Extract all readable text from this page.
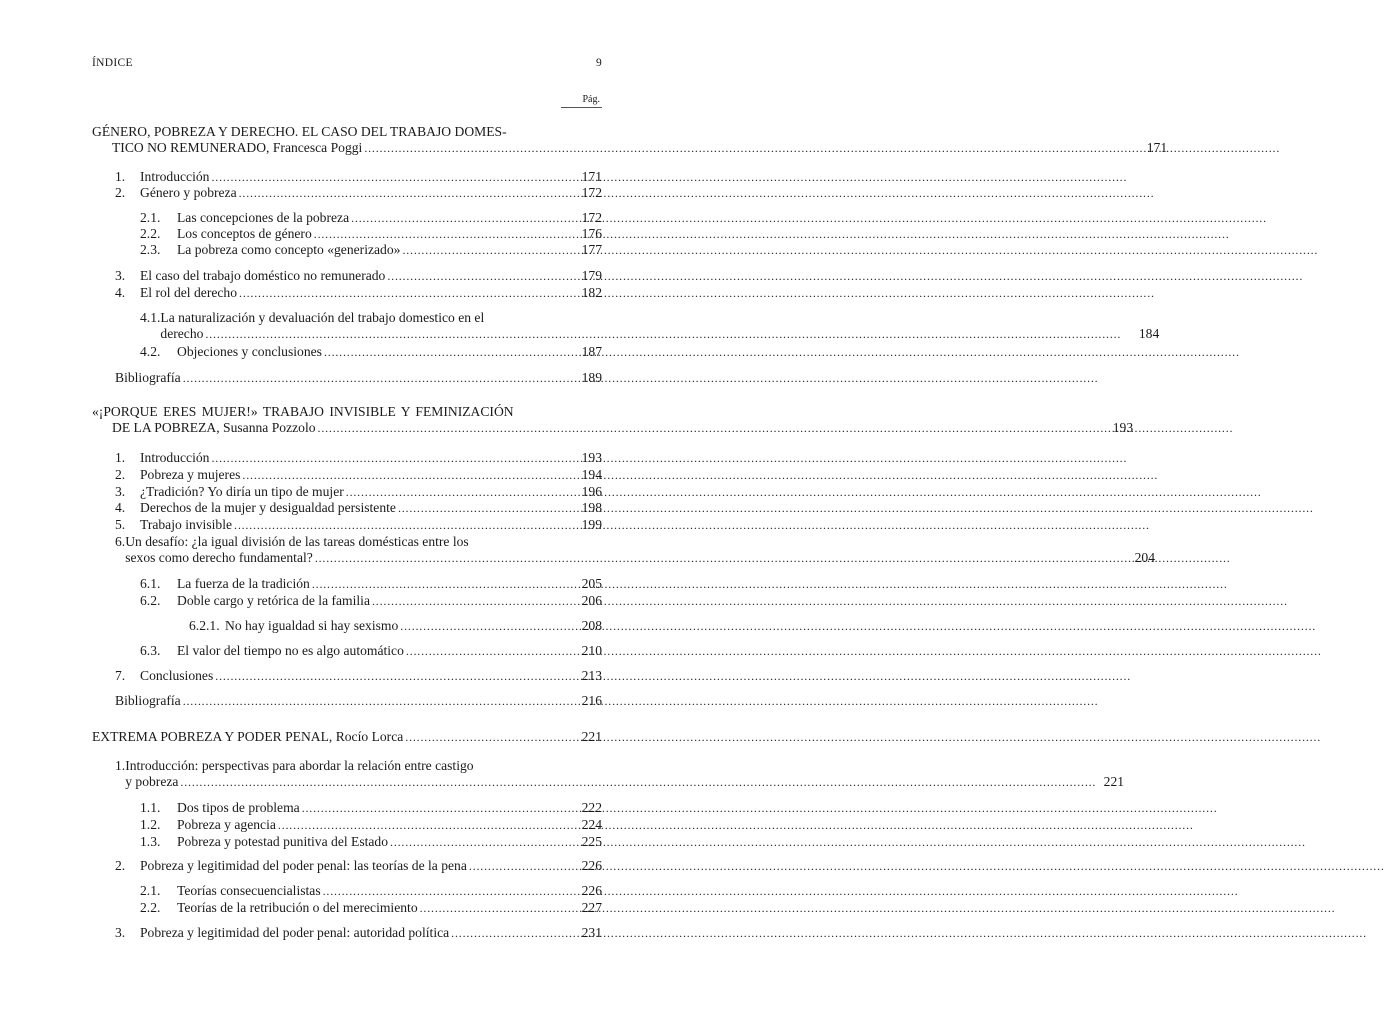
ÍNDICE	9
Pág.
GÉNERO, POBREZA Y DERECHO. EL CASO DEL TRABAJO DOMES-
TICO NO REMUNERADO, Francesca Poggi .....	171
1.	Introducción .....	171
2.	Género y pobreza .....	172
2.1.	Las concepciones de la pobreza .....	172
2.2.	Los conceptos de género .....	176
2.3.	La pobreza como concepto «generizado» .....	177
3.	El caso del trabajo doméstico no remunerado .....	179
4.	El rol del derecho .....	182
4.1. La naturalización y devaluación del trabajo domestico en el
derecho .....	184
4.2.	Objeciones y conclusiones .....	187
Bibliografía .....	189
«¡PORQUE ERES MUJER!» TRABAJO INVISIBLE Y FEMINIZACIÓN
DE LA POBREZA, Susanna Pozzolo .....	193
1.	Introducción .....	193
2.	Pobreza y mujeres .....	194
3.	¿Tradición? Yo diría un tipo de mujer .....	196
4.	Derechos de la mujer y desigualdad persistente .....	198
5.	Trabajo invisible .....	199
6. Un desafío: ¿la igual división de las tareas domésticas entre los
sexos como derecho fundamental? .....	204
6.1.	La fuerza de la tradición .....	205
6.2.	Doble cargo y retórica de la familia .....	206
6.2.1. No hay igualdad si hay sexismo .....	208
6.3.	El valor del tiempo no es algo automático .....	210
7.	Conclusiones .....	213
Bibliografía .....	216
EXTREMA POBREZA Y PODER PENAL, Rocío Lorca .....	221
1. Introducción: perspectivas para abordar la relación entre castigo
y pobreza .....	221
1.1.	Dos tipos de problema .....	222
1.2.	Pobreza y agencia .....	224
1.3.	Pobreza y potestad punitiva del Estado .....	225
2.	Pobreza y legitimidad del poder penal: las teorías de la pena .....	226
2.1.	Teorías consecuencialistas .....	226
2.2.	Teorías de la retribución o del merecimiento .....	227
3.	Pobreza y legitimidad del poder penal: autoridad política .....	231
